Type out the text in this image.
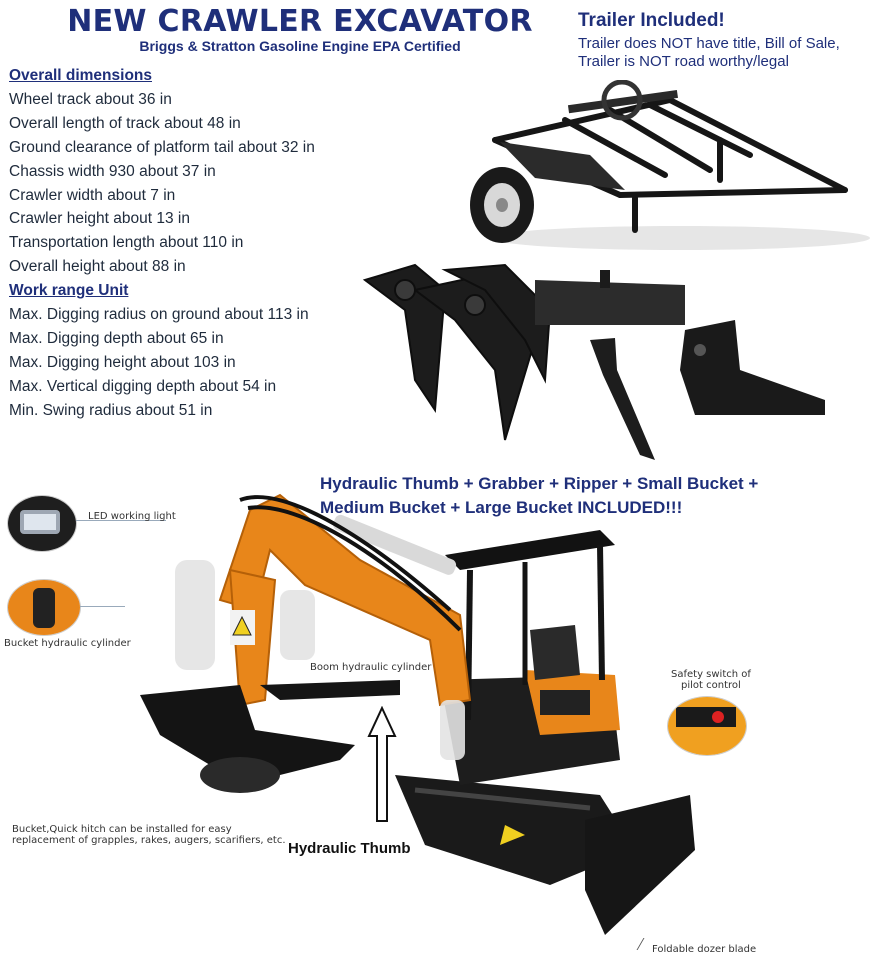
NEW CRAWLER EXCAVATOR
Briggs & Stratton Gasoline Engine EPA Certified
Trailer Included!
Trailer does NOT have title, Bill of Sale, Trailer is NOT road worthy/legal
Overall dimensions
Wheel track about 36 in
Overall length of track about 48 in
Ground clearance of platform tail about 32 in
Chassis width 930 about 37 in
Crawler width about 7 in
Crawler height about 13 in
Transportation length about 110 in
Overall height about 88 in
Work range Unit
Max. Digging radius on ground about 113 in
Max. Digging depth about 65 in
Max. Digging height about 103 in
Max. Vertical digging depth about 54 in
Min. Swing radius about 51 in
Hydraulic Thumb + Grabber + Ripper + Small Bucket +
Medium Bucket + Large Bucket INCLUDED!!!
LED working light
Bucket hydraulic cylinder
Boom hydraulic cylinder
Safety switch of
pilot control
Bucket,Quick hitch can be installed for easy
replacement of grapples, rakes, augers, scarifiers, etc. Hydraulic Thumb
Foldable dozer blade
